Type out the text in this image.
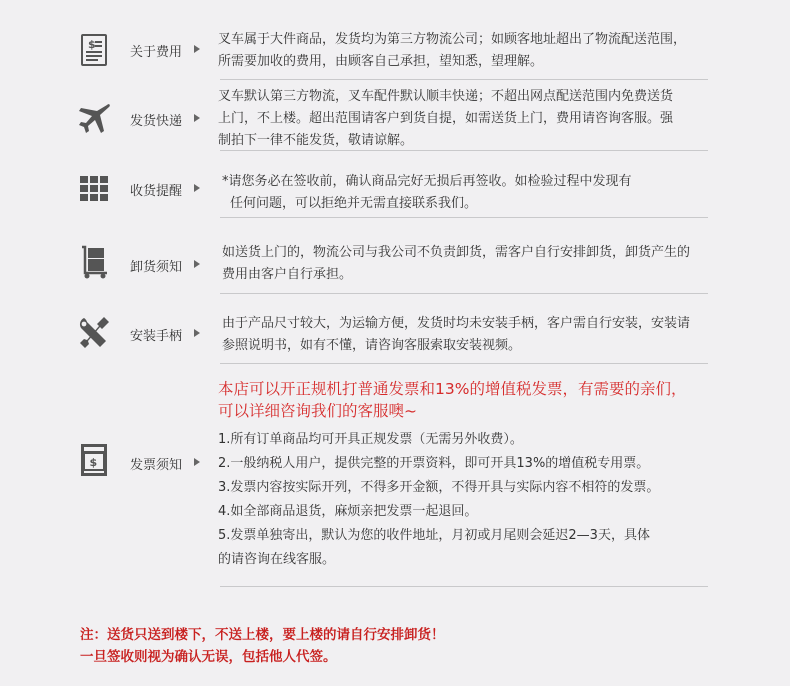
$
关于费用

叉车属于大件商品，发货均为第三方物流公司；如顾客地址超出了物流配送范围，

所需要加收的费用，由顾客自己承担，望知悉，望理解。

发货快递

叉车默认第三方物流，叉车配件默认顺丰快递；不超出网点配送范围内免费送货

上门，不上楼。超出范围请客户到货自提，如需送货上门，费用请咨询客服。强

制拍下一律不能发货，敬请谅解。

收货提醒

*请您务必在签收前，确认商品完好无损后再签收。如检验过程中发现有

任何问题，可以拒绝并无需直接联系我们。

卸货须知

如送货上门的，物流公司与我公司不负责卸货，需客户自行安排卸货，卸货产生的

费用由客户自行承担。

安装手柄

由于产品尺寸较大，为运输方便，发货时均未安装手柄，客户需自行安装，安装请

参照说明书，如有不懂，请咨询客服索取安装视频。

$	发票须知

本店可以开正规机打普通发票和13%的增值税发票，有需要的亲们，

可以详细咨询我们的客服噢~

1.所有订单商品均可开具正规发票（无需另外收费）。

2.一般纳税人用户，提供完整的开票资料，即可开具13%的增值税专用票。

3.发票内容按实际开列，不得多开金额，不得开具与实际内容不相符的发票。

4.如全部商品退货，麻烦亲把发票一起退回。

5.发票单独寄出，默认为您的收件地址，月初或月尾则会延迟2—3天，具体

的请咨询在线客服。

注：送货只送到楼下，不送上楼，要上楼的请自行安排卸货！
一旦签收则视为确认无误，包括他人代签。
